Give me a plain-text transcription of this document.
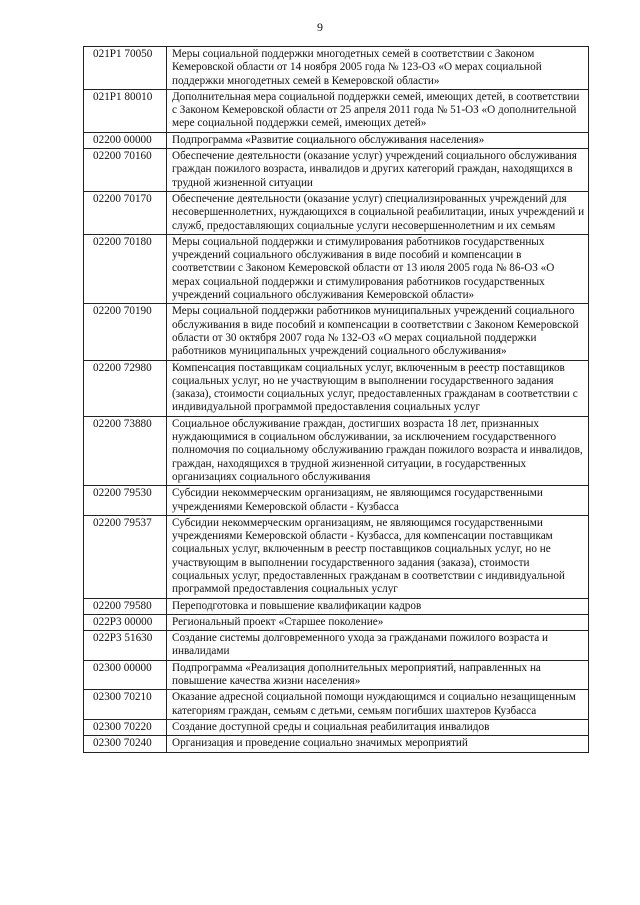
9
021P1 70050	Меры социальной поддержки многодетных семей в соответствии с Законом Кемеровской области от 14 ноября 2005 года № 123-ОЗ «О мерах социальной поддержки многодетных семей в Кемеровской области»
021P1 80010	Дополнительная мера социальной поддержки семей, имеющих детей, в соответствии с Законом Кемеровской области от 25 апреля 2011 года № 51-ОЗ «О дополнительной мере социальной поддержки семей, имеющих детей»
02200 00000	Подпрограмма «Развитие социального обслуживания населения»
02200 70160	Обеспечение деятельности (оказание услуг) учреждений социального обслуживания граждан пожилого возраста, инвалидов и других категорий граждан, находящихся в трудной жизненной ситуации
02200 70170	Обеспечение деятельности (оказание услуг) специализированных учреждений для несовершеннолетних, нуждающихся в социальной реабилитации, иных учреждений и служб, предоставляющих социальные услуги несовершеннолетним и их семьям
02200 70180	Меры социальной поддержки и стимулирования работников государственных учреждений социального обслуживания в виде пособий и компенсации в соответствии с Законом Кемеровской области от 13 июля 2005 года № 86-ОЗ «О мерах социальной поддержки и стимулирования работников государственных учреждений социального обслуживания Кемеровской области»
02200 70190	Меры социальной поддержки работников муниципальных учреждений социального обслуживания в виде пособий и компенсации в соответствии с Законом Кемеровской области от 30 октября 2007 года № 132-ОЗ «О мерах социальной поддержки работников муниципальных учреждений социального обслуживания»
02200 72980	Компенсация поставщикам социальных услуг, включенным в реестр поставщиков социальных услуг, но не участвующим в выполнении государственного задания (заказа), стоимости социальных услуг, предоставленных гражданам в соответствии с индивидуальной программой предоставления социальных услуг
02200 73880	Социальное обслуживание граждан, достигших возраста 18 лет, признанных нуждающимися в социальном обслуживании, за исключением государственного полномочия по социальному обслуживанию граждан пожилого возраста и инвалидов, граждан, находящихся в трудной жизненной ситуации, в государственных организациях социального обслуживания
02200 79530	Субсидии некоммерческим организациям, не являющимся государственными учреждениями Кемеровской области - Кузбасса
02200 79537	Субсидии некоммерческим организациям, не являющимся государственными учреждениями Кемеровской области - Кузбасса, для компенсации поставщикам социальных услуг, включенным в реестр поставщиков социальных услуг, но не участвующим в выполнении государственного задания (заказа), стоимости социальных услуг, предоставленных гражданам в соответствии с индивидуальной программой предоставления социальных услуг
02200 79580	Переподготовка и повышение квалификации кадров
022P3 00000	Региональный проект «Старшее поколение»
022P3 51630	Создание системы долговременного ухода за гражданами пожилого возраста и инвалидами
02300 00000	Подпрограмма «Реализация дополнительных мероприятий, направленных на повышение качества жизни населения»
02300 70210	Оказание адресной социальной помощи нуждающимся и социально незащищенным категориям граждан, семьям с детьми, семьям погибших шахтеров Кузбасса
02300 70220	Создание доступной среды и социальная реабилитация инвалидов
02300 70240	Организация и проведение социально значимых мероприятий
